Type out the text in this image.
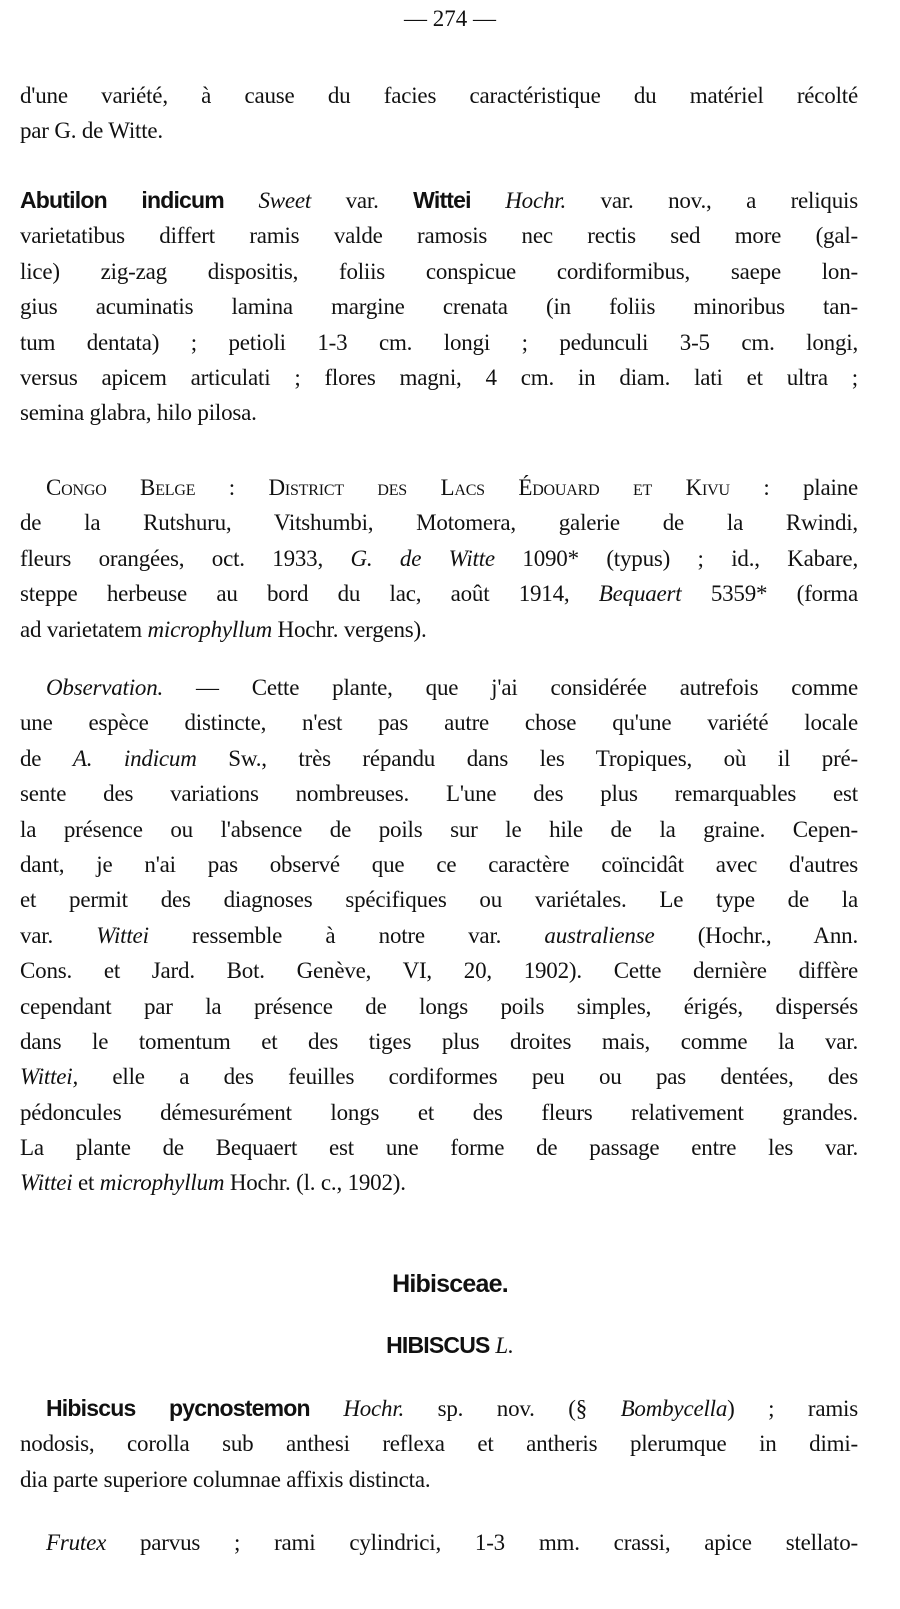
— 274 —
d'une variété, à cause du facies caractéristique du matériel récolté
par G. de Witte.
Abutilon indicum Sweet var. Wittei Hochr. var. nov., a reliquis
varietatibus differt ramis valde ramosis nec rectis sed more (gal-
lice) zig-zag dispositis, foliis conspicue cordiformibus, saepe lon-
gius acuminatis lamina margine crenata (in foliis minoribus tan-
tum dentata) ; petioli 1-3 cm. longi ; pedunculi 3-5 cm. longi,
versus apicem articulati ; flores magni, 4 cm. in diam. lati et ultra ;
semina glabra, hilo pilosa.
Congo Belge : District des Lacs Édouard et Kivu : plaine
de la Rutshuru, Vitshumbi, Motomera, galerie de la Rwindi,
fleurs orangées, oct. 1933, G. de Witte 1090* (typus) ; id., Kabare,
steppe herbeuse au bord du lac, août 1914, Bequaert 5359* (forma
ad varietatem microphyllum Hochr. vergens).
Observation. — Cette plante, que j'ai considérée autrefois comme
une espèce distincte, n'est pas autre chose qu'une variété locale
de A. indicum Sw., très répandu dans les Tropiques, où il pré-
sente des variations nombreuses. L'une des plus remarquables est
la présence ou l'absence de poils sur le hile de la graine. Cepen-
dant, je n'ai pas observé que ce caractère coïncidât avec d'autres
et permit des diagnoses spécifiques ou variétales. Le type de la
var. Wittei ressemble à notre var. australiense (Hochr., Ann.
Cons. et Jard. Bot. Genève, VI, 20, 1902). Cette dernière diffère
cependant par la présence de longs poils simples, érigés, dispersés
dans le tomentum et des tiges plus droites mais, comme la var.
Wittei, elle a des feuilles cordiformes peu ou pas dentées, des
pédoncules démesurément longs et des fleurs relativement grandes.
La plante de Bequaert est une forme de passage entre les var.
Wittei et microphyllum Hochr. (l. c., 1902).
Hibisceae.
HIBISCUS L.
Hibiscus pycnostemon Hochr. sp. nov. (§ Bombycella) ; ramis
nodosis, corolla sub anthesi reflexa et antheris plerumque in dimi-
dia parte superiore columnae affixis distincta.
Frutex parvus ; rami cylindrici, 1-3 mm. crassi, apice stellato-
